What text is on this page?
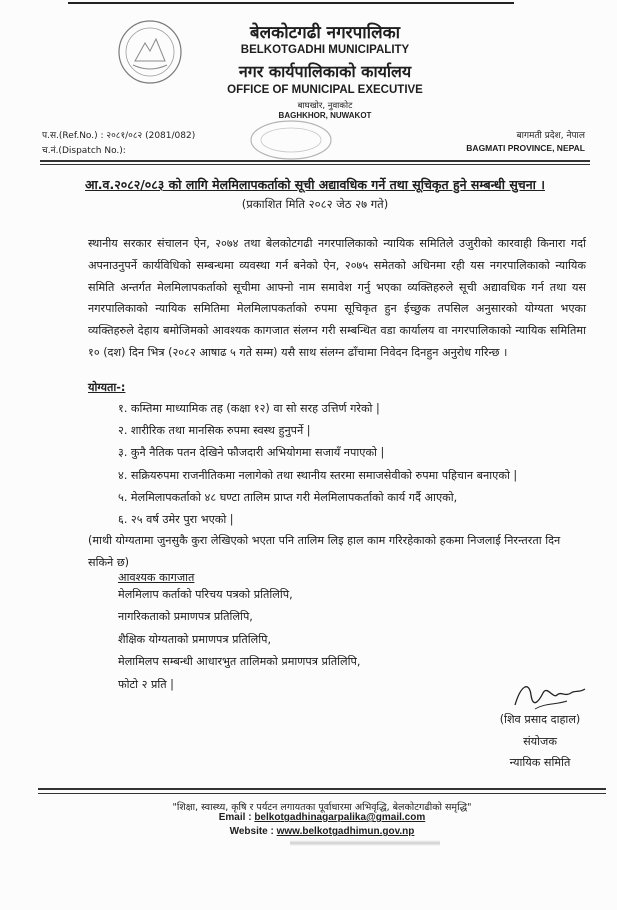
बेलकोटगढी नगरपालिका
BELKOTGADHI MUNICIPALITY
नगर कार्यपालिकाको कार्यालय
OFFICE OF MUNICIPAL EXECUTIVE
बाघखोर, नुवाकोट
BAGHKHOR, NUWAKOT
प.स.(Ref.No.) : २०८१/०८२ (2081/082)
च.नं.(Dispatch No.):
बागमती प्रदेश, नेपाल
BAGMATI PROVINCE, NEPAL
आ.व.२०८२/०८३ को लागि मेलमिलापकर्ताको सूची अद्यावधिक गर्ने तथा सूचिकृत हुने सम्बन्धी सुचना ।
(प्रकाशित मिति २०८२ जेठ २७ गते)
स्थानीय सरकार संचालन ऐन, २०७४ तथा बेलकोटगढी नगरपालिकाको न्यायिक समितिले उजुरीको कारवाही किनारा गर्दा अपनाउनुपर्ने कार्यविधिको सम्बन्धमा व्यवस्था गर्न बनेको ऐन, २०७५ समेतको अधिनमा रही यस नगरपालिकाको न्यायिक समिति अन्तर्गत मेलमिलापकर्ताको सूचीमा आफ्नो नाम समावेश गर्नु भएका व्यक्तिहरुले सूची अद्यावधिक गर्न तथा यस नगरपालिकाको न्यायिक समितिमा मेलमिलापकर्ताको रुपमा सूचिकृत हुन ईच्छुक तपसिल अनुसारको योग्यता भएका व्यक्तिहरुले देहाय बमोजिमको आवश्यक कागजात संलग्न गरी सम्बन्धित वडा कार्यालय वा नगरपालिकाको न्यायिक समितिमा १० (दश) दिन भित्र (२०८२ आषाढ ५ गते सम्म) यसै साथ संलग्न ढाँचामा निवेदन दिनहुन अनुरोध गरिन्छ ।
योग्यता-:
१. कम्तिमा माध्यामिक तह (कक्षा १२) वा सो सरह उत्तिर्ण गरेको |
२. शारीरिक तथा मानसिक रुपमा स्वस्थ हुनुपर्ने |
३. कुनै नैतिक पतन देखिने फौजदारी अभियोगमा सजायँ नपाएको |
४. सक्रियरुपमा राजनीतिकमा नलागेको तथा स्थानीय स्तरमा समाजसेवीको रुपमा पहिचान बनाएको |
५. मेलमिलापकर्ताको ४८ घण्टा तालिम प्राप्त गरी मेलमिलापकर्ताको कार्य गर्दै आएको,
६. २५ वर्ष उमेर पुरा भएको |
(माथी योग्यतामा जुनसुकै कुरा लेखिएको भएता पनि तालिम लिइ हाल काम गरिरहेकाको हकमा निजलाई निरन्तरता दिन सकिने छ)
आवश्यक कागजात
मेलमिलाप कर्ताको परिचय पत्रको प्रतिलिपि,
नागरिकताको प्रमाणपत्र प्रतिलिपि,
शैक्षिक योग्यताको प्रमाणपत्र प्रतिलिपि,
मेलामिलप सम्बन्धी आधारभुत तालिमको प्रमाणपत्र प्रतिलिपि,
फोटो २ प्रति |
(शिव प्रसाद दाहाल)
संयोजक
न्यायिक समिति
"शिक्षा, स्वास्थ्य, कृषि र पर्यटन लगायतका पूर्वाधारमा अभिवृद्धि, बेलकोटगढीको समृद्धि"
Email : belkotgadhinagarpalika@gmail.com
Website : www.belkotgadhimun.gov.np
